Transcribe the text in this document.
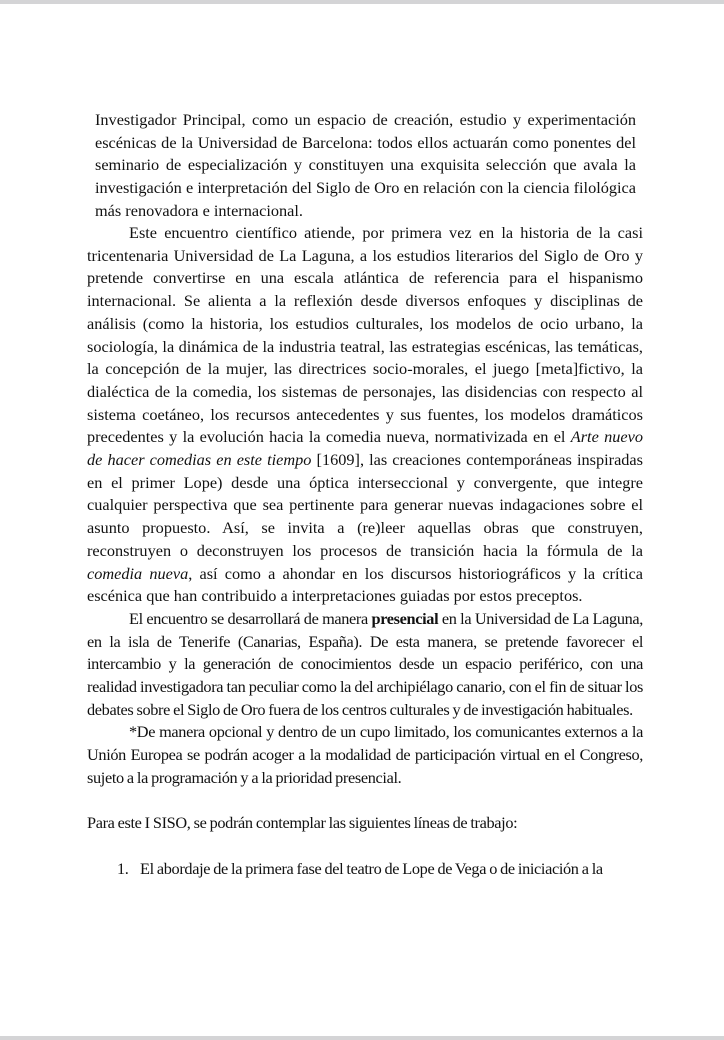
Investigador Principal, como un espacio de creación, estudio y experimentación escénicas de la Universidad de Barcelona: todos ellos actuarán como ponentes del seminario de especialización y constituyen una exquisita selección que avala la investigación e interpretación del Siglo de Oro en relación con la ciencia filológica más renovadora e internacional.

Este encuentro científico atiende, por primera vez en la historia de la casi tricentenaria Universidad de La Laguna, a los estudios literarios del Siglo de Oro y pretende convertirse en una escala atlántica de referencia para el hispanismo internacional. Se alienta a la reflexión desde diversos enfoques y disciplinas de análisis (como la historia, los estudios culturales, los modelos de ocio urbano, la sociología, la dinámica de la industria teatral, las estrategias escénicas, las temáticas, la concepción de la mujer, las directrices socio-morales, el juego [meta]fictivo, la dialéctica de la comedia, los sistemas de personajes, las disidencias con respecto al sistema coetáneo, los recursos antecedentes y sus fuentes, los modelos dramáticos precedentes y la evolución hacia la comedia nueva, normativizada en el Arte nuevo de hacer comedias en este tiempo [1609], las creaciones contemporáneas inspiradas en el primer Lope) desde una óptica interseccional y convergente, que integre cualquier perspectiva que sea pertinente para generar nuevas indagaciones sobre el asunto propuesto. Así, se invita a (re)leer aquellas obras que construyen, reconstruyen o deconstruyen los procesos de transición hacia la fórmula de la comedia nueva, así como a ahondar en los discursos historiográficos y la crítica escénica que han contribuido a interpretaciones guiadas por estos preceptos.

El encuentro se desarrollará de manera presencial en la Universidad de La Laguna, en la isla de Tenerife (Canarias, España). De esta manera, se pretende favorecer el intercambio y la generación de conocimientos desde un espacio periférico, con una realidad investigadora tan peculiar como la del archipiélago canario, con el fin de situar los debates sobre el Siglo de Oro fuera de los centros culturales y de investigación habituales.

*De manera opcional y dentro de un cupo limitado, los comunicantes externos a la Unión Europea se podrán acoger a la modalidad de participación virtual en el Congreso, sujeto a la programación y a la prioridad presencial.

Para este I SISO, se podrán contemplar las siguientes líneas de trabajo:

1. El abordaje de la primera fase del teatro de Lope de Vega o de iniciación a la
